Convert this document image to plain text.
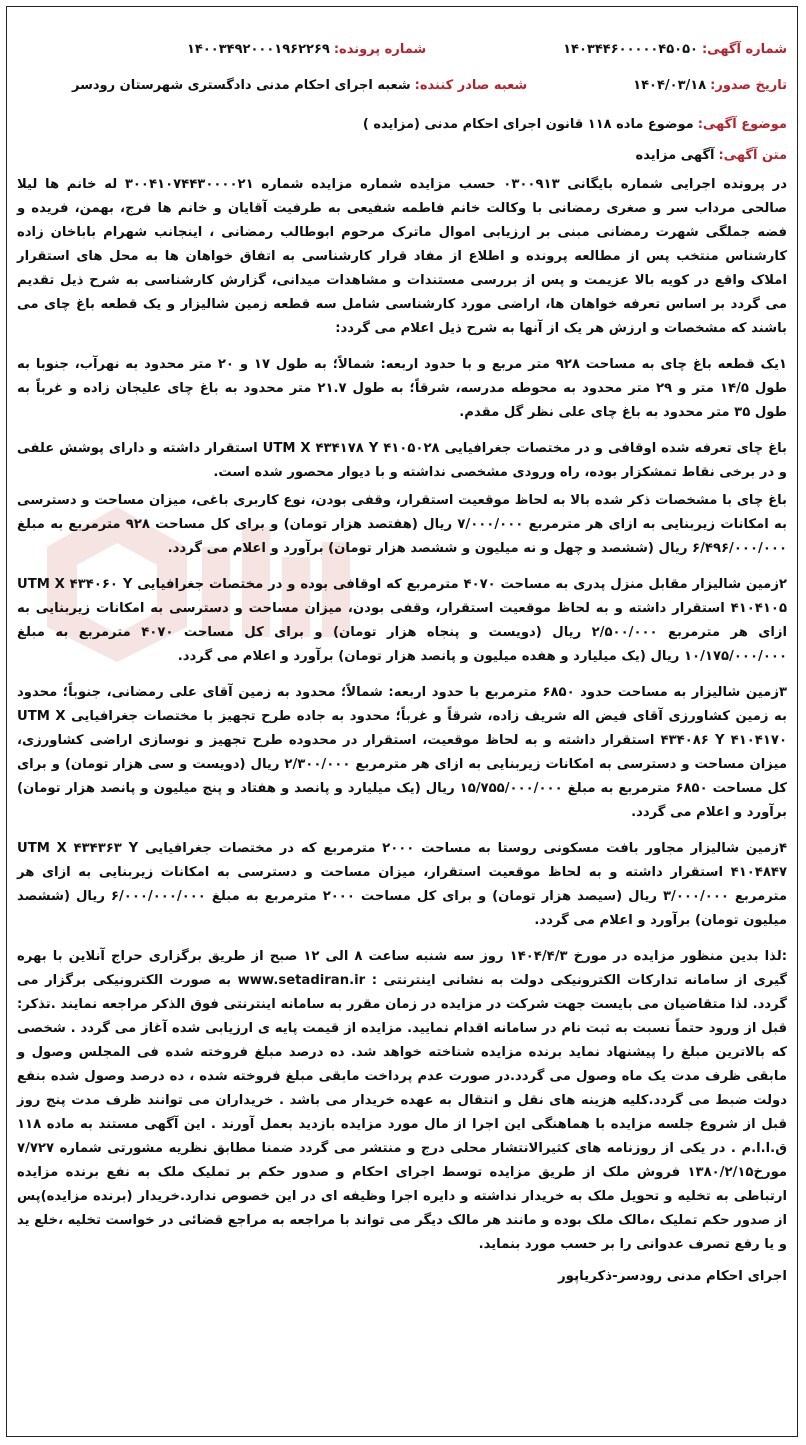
شماره آگهی:
۱۴۰۳۴۴۶۰۰۰۰۰۴۵۰۵۰
شماره پرونده:
۱۴۰۰۳۴۹۲۰۰۰۱۹۶۲۲۶۹
تاریخ صدور:
۱۴۰۴/۰۳/۱۸
شعبه صادر کننده:
شعبه اجرای احکام مدنی دادگستری شهرستان رودسر
موضوع آگهی:
موضوع ماده ۱۱۸ قانون اجرای احکام مدنی (مزایده )
متن آگهی:
آگهی مزایده

در پرونده اجرایی شماره بایگانی ۰۳۰۰۹۱۳ حسب مزایده شماره مزایده شماره ۳۰۰۴۱۰۷۴۴۳۰۰۰۰۲۱ له خانم ها لیلا صالحی مرداب سر و صغری رمضانی با وکالت خانم فاطمه شفیعی به طرفیت آقایان و خانم ها فرج، بهمن، فریده و فضه جملگی شهرت رمضانی مبنی بر ارزیابی اموال ماترک مرحوم ابوطالب رمضانی ، اینجانب شهرام باباخان زاده کارشناس منتخب پس از مطالعه پرونده و اطلاع از مفاد قرار کارشناسی به اتفاق خواهان ها به محل های استقرار املاک واقع در کویه بالا عزیمت و پس از بررسی مستندات و مشاهدات میدانی، گزارش کارشناسی به شرح ذیل تقدیم می گردد بر اساس تعرفه خواهان ها، اراضی مورد کارشناسی شامل سه قطعه زمین شالیزار و یک قطعه باغ چای می باشند که مشخصات و ارزش هر یک از آنها به شرح ذیل اعلام می گردد:

۱یک قطعه باغ چای به مساحت ۹۲۸ متر مربع و با حدود اربعه: شمالاً؛ به طول ۱۷ و ۲۰ متر محدود به نهرآب، جنوبا به طول ۱۴/۵ متر و ۲۹ متر محدود به محوطه مدرسه، شرقاً؛ به طول ۲۱.۷ متر محدود به باغ چای علیجان زاده و غرباً به طول ۳۵ متر محدود به باغ چای علی نظر گل مقدم.

باغ چای تعرفه شده اوقافی و در مختصات جغرافیایی UTM X ۴۳۴۱۷۸ Y ۴۱۰۵۰۲۸ استقرار داشته و دارای پوشش علفی و در برخی نقاط تمشکزار بوده، راه ورودی مشخصی نداشته و با دیوار محصور شده است.

باغ چای با مشخصات ذکر شده بالا به لحاظ موقعیت استقرار، وقفی بودن، نوع کاربری باغی، میزان مساحت و دسترسی به امکانات زیربنایی به ازای هر مترمربع ۷/۰۰۰/۰۰۰ ریال (هفتصد هزار تومان) و برای کل مساحت ۹۲۸ مترمربع به مبلغ ۶/۴۹۶/۰۰۰/۰۰۰ ریال (ششصد و چهل و نه میلیون و ششصد هزار تومان) برآورد و اعلام می گردد.

۲زمین شالیزار مقابل منزل پدری به مساحت ۴۰۷۰ مترمربع که اوقافی بوده و در مختصات جغرافیایی UTM X ۴۳۴۰۶۰ Y ۴۱۰۴۱۰۵ استقرار داشته و به لحاظ موقعیت استقرار، وقفی بودن، میزان مساحت و دسترسی به امکانات زیربنایی به ازای هر مترمربع ۲/۵۰۰/۰۰۰ ریال (دویست و پنجاه هزار تومان) و برای کل مساحت ۴۰۷۰ مترمربع به مبلغ ۱۰/۱۷۵/۰۰۰/۰۰۰ ریال (یک میلیارد و هفده میلیون و پانصد هزار تومان) برآورد و اعلام می گردد.

۳زمین شالیزار به مساحت حدود ۶۸۵۰ مترمربع با حدود اربعه: شمالاً؛ محدود به زمین آقای علی رمضانی، جنوباً؛ محدود به زمین کشاورزی آقای فیض اله شریف زاده، شرقاً و غرباً؛ محدود به جاده طرح تجهیز با مختصات جغرافیایی UTM X ۴۳۴۰۸۶ Y ۴۱۰۴۱۷۰ استقرار داشته و به لحاظ موقعیت، استقرار در محدوده طرح تجهیز و نوسازی اراضی کشاورزی، میزان مساحت و دسترسی به امکانات زیربنایی به ازای هر مترمربع ۲/۳۰۰/۰۰۰ ریال (دویست و سی هزار تومان) و برای کل مساحت ۶۸۵۰ مترمربع به مبلغ ۱۵/۷۵۵/۰۰۰/۰۰۰ ریال (یک میلیارد و پانصد و هفتاد و پنج میلیون و پانصد هزار تومان) برآورد و اعلام می گردد.

۴زمین شالیزار مجاور بافت مسکونی روستا به مساحت ۲۰۰۰ مترمربع که در مختصات جغرافیایی UTM X ۴۳۴۳۶۳ Y ۴۱۰۴۸۴۷ استقرار داشته و به لحاظ موقعیت استقرار، میزان مساحت و دسترسی به امکانات زیربنایی به ازای هر مترمربع ۳/۰۰۰/۰۰۰ ریال (سیصد هزار تومان) و برای کل مساحت ۲۰۰۰ مترمربع به مبلغ ۶/۰۰۰/۰۰۰/۰۰۰ ریال (ششصد میلیون تومان) برآورد و اعلام می گردد.

:لذا بدین منظور مزایده در مورخ ۱۴۰۴/۴/۳ روز سه شنبه ساعت ۸ الی ۱۲ صبح از طریق برگزاری حراج آنلاین با بهره گیری از سامانه تدارکات الکترونیکی دولت به نشانی اینترنتی : www.setadiran.ir به صورت الکترونیکی برگزار می گردد. لذا متقاضیان می بایست جهت شرکت در مزایده در زمان مقرر به سامانه اینترنتی فوق الذکر مراجعه نمایند .تذکر: قبل از ورود حتماً نسبت به ثبت نام در سامانه اقدام نمایید. مزایده از قیمت پایه ی ارزیابی شده آغاز می گردد . شخصی که بالاترین مبلغ را پیشنهاد نماید برنده مزایده شناخته خواهد شد. ده درصد مبلغ فروخته شده فی المجلس وصول و مابقی ظرف مدت یک ماه وصول می گردد.در صورت عدم پرداخت مابقی مبلغ فروخته شده ، ده درصد وصول شده بنفع دولت ضبط می گردد.کلیه هزینه های نقل و انتقال به عهده خریدار می باشد . خریداران می توانند ظرف مدت پنج روز قبل از شروع جلسه مزایده با هماهنگی این اجرا از مال مورد مزایده بازدید بعمل آورند . این آگهی مستند به ماده ۱۱۸ ق.ا.ا.م . در یکی از روزنامه های کثیرالانتشار محلی درج و منتشر می گردد ضمنا مطابق نظریه مشورتی شماره ۷/۷۲۷ مورخ۱۳۸۰/۲/۱۵ فروش ملک از طریق مزایده توسط اجرای احکام و صدور حکم بر تملیک ملک به نفع برنده مزایده ارتباطی به تخلیه و تحویل ملک به خریدار نداشته و دایره اجرا وظیفه ای در این خصوص ندارد.خریدار (برنده مزایده)پس از صدور حکم تملیک ،مالک ملک بوده و مانند هر مالک دیگر می تواند با مراجعه به مراجع قضائی در خواست تخلیه ،خلع ید و یا رفع تصرف عدوانی را بر حسب مورد بنماید.

اجرای احکام مدنی رودسر-ذکریاپور
